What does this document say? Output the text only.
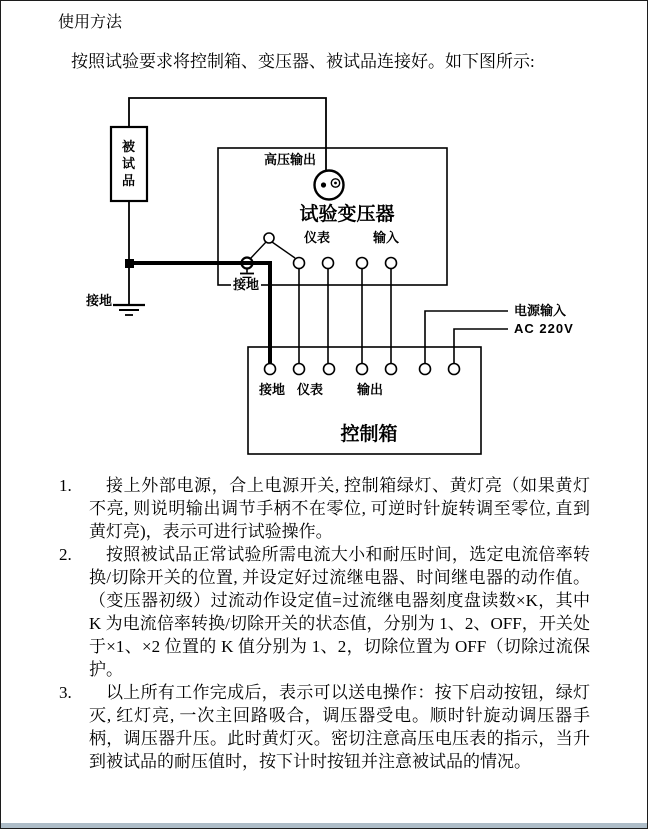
使用方法
按照试验要求将控制箱、变压器、被试品连接好。如下图所示:
被试品
高压输出
试验变压器
仪表	输入
接地
接地
电源输入
AC 220V
接地 仪表	输出
控制箱
1.	接上外部电源，合上电源开关, 控制箱绿灯、黄灯亮（如果黄灯不亮, 则说明输出调节手柄不在零位, 可逆时针旋转调至零位, 直到黄灯亮)，表示可进行试验操作。
2.	按照被试品正常试验所需电流大小和耐压时间，选定电流倍率转换/切除开关的位置, 并设定好过流继电器、时间继电器的动作值。（变压器初级）过流动作设定值=过流继电器刻度盘读数×K，其中 K 为电流倍率转换/切除开关的状态值，分别为 1、2、OFF，开关处于×1、×2 位置的 K 值分别为 1、2，切除位置为 OFF（切除过流保护。
3.	以上所有工作完成后，表示可以送电操作：按下启动按钮，绿灯灭, 红灯亮, 一次主回路吸合，调压器受电。顺时针旋动调压器手柄，调压器升压。此时黄灯灭。密切注意高压电压表的指示，当升到被试品的耐压值时，按下计时按钮并注意被试品的情况。
